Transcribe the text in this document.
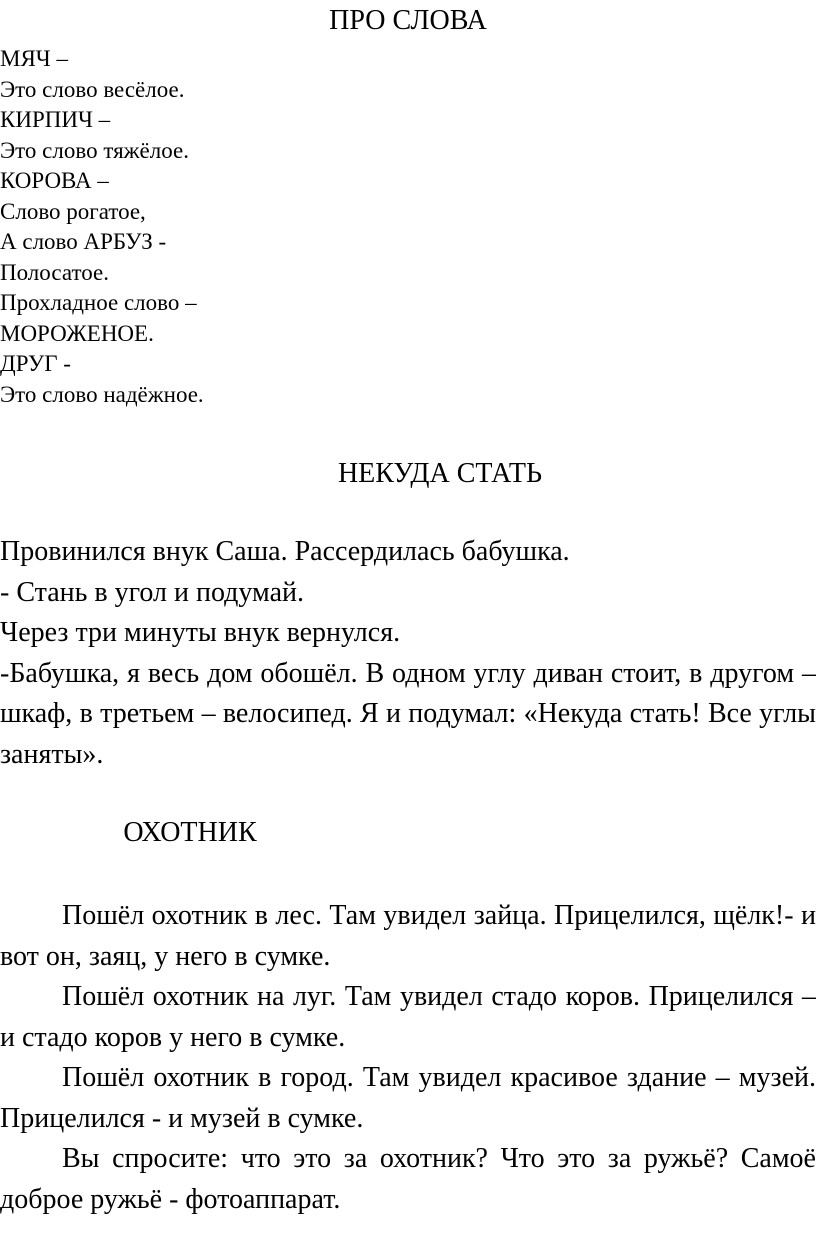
ПРО СЛОВА
МЯЧ –
Это слово весёлое.
КИРПИЧ –
Это слово тяжёлое.
КОРОВА –
Слово рогатое,
А слово АРБУЗ -
Полосатое.
Прохладное слово –
МОРОЖЕНОЕ.
ДРУГ -
Это слово надёжное.
НЕКУДА СТАТЬ

Провинился внук Саша. Рассердилась бабушка.

- Стань в угол и подумай.

Через три минуты внук вернулся.

-Бабушка, я весь дом обошёл. В одном углу диван стоит, в другом – шкаф, в третьем – велосипед. Я и подумал: «Некуда стать! Все углы заняты».

ОХОТНИК

Пошёл охотник в лес. Там увидел зайца. Прицелился, щёлк!- и вот он, заяц, у него в сумке.

Пошёл охотник на луг. Там увидел стадо коров. Прицелился – и стадо коров у него в сумке.

Пошёл охотник в город. Там увидел красивое здание – музей. Прицелился - и музей в сумке.

Вы спросите: что это за охотник? Что это за ружьё? Самоё доброе ружьё - фотоаппарат.
